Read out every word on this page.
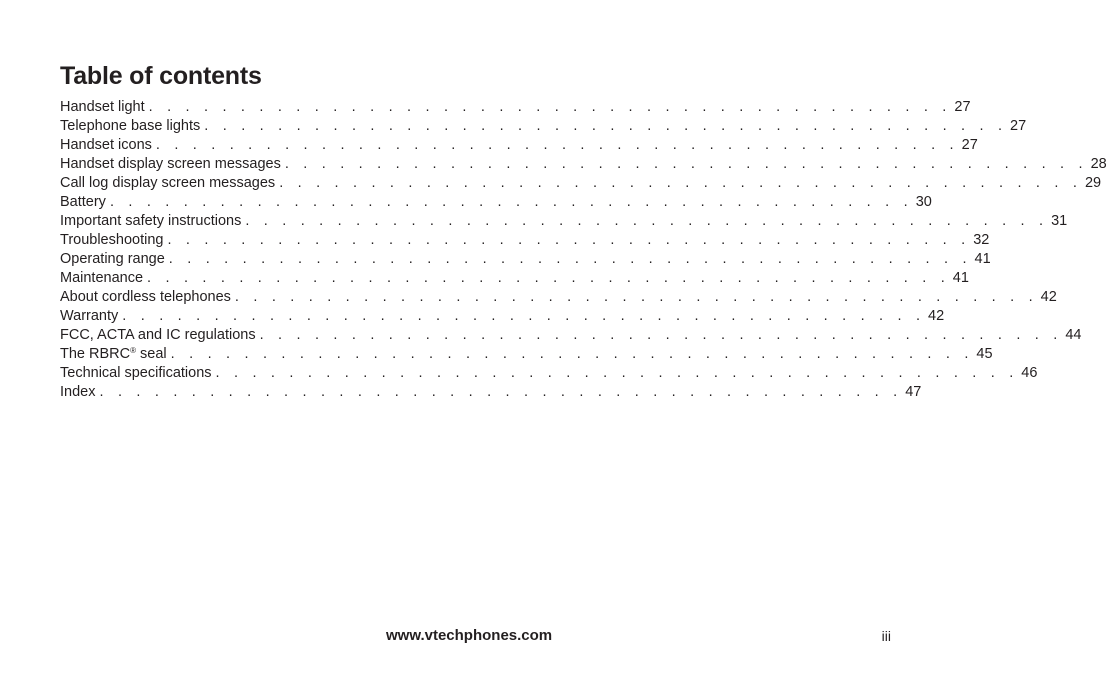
Table of contents
Handset light . . . . . . . . . . . . . . . . . . . . . . . . . . . . . . . . . . . . . . . . . . . . 27
Telephone base lights . . . . . . . . . . . . . . . . . . . . . . . . . . . . . . . . . . . . . . . . . . . . 27
Handset icons . . . . . . . . . . . . . . . . . . . . . . . . . . . . . . . . . . . . . . . . . . . . 27
Handset display screen messages . . . . . . . . . . . . . . . . . . . . . . . . . . . . . . . . . . . . . . . . . . . . 28
Call log display screen messages . . . . . . . . . . . . . . . . . . . . . . . . . . . . . . . . . . . . . . . . . . . . 29
Battery . . . . . . . . . . . . . . . . . . . . . . . . . . . . . . . . . . . . . . . . . . . . 30
Important safety instructions . . . . . . . . . . . . . . . . . . . . . . . . . . . . . . . . . . . . . . . . . . . . 31
Troubleshooting . . . . . . . . . . . . . . . . . . . . . . . . . . . . . . . . . . . . . . . . . . . . 32
Operating range . . . . . . . . . . . . . . . . . . . . . . . . . . . . . . . . . . . . . . . . . . . . 41
Maintenance . . . . . . . . . . . . . . . . . . . . . . . . . . . . . . . . . . . . . . . . . . . . 41
About cordless telephones . . . . . . . . . . . . . . . . . . . . . . . . . . . . . . . . . . . . . . . . . . . . 42
Warranty . . . . . . . . . . . . . . . . . . . . . . . . . . . . . . . . . . . . . . . . . . . . 42
FCC, ACTA and IC regulations . . . . . . . . . . . . . . . . . . . . . . . . . . . . . . . . . . . . . . . . . . . . 44
The RBRC® seal . . . . . . . . . . . . . . . . . . . . . . . . . . . . . . . . . . . . . . . . . . . . 45
Technical specifications . . . . . . . . . . . . . . . . . . . . . . . . . . . . . . . . . . . . . . . . . . . . 46
Index . . . . . . . . . . . . . . . . . . . . . . . . . . . . . . . . . . . . . . . . . . . . 47
www.vtechphones.com	iii
